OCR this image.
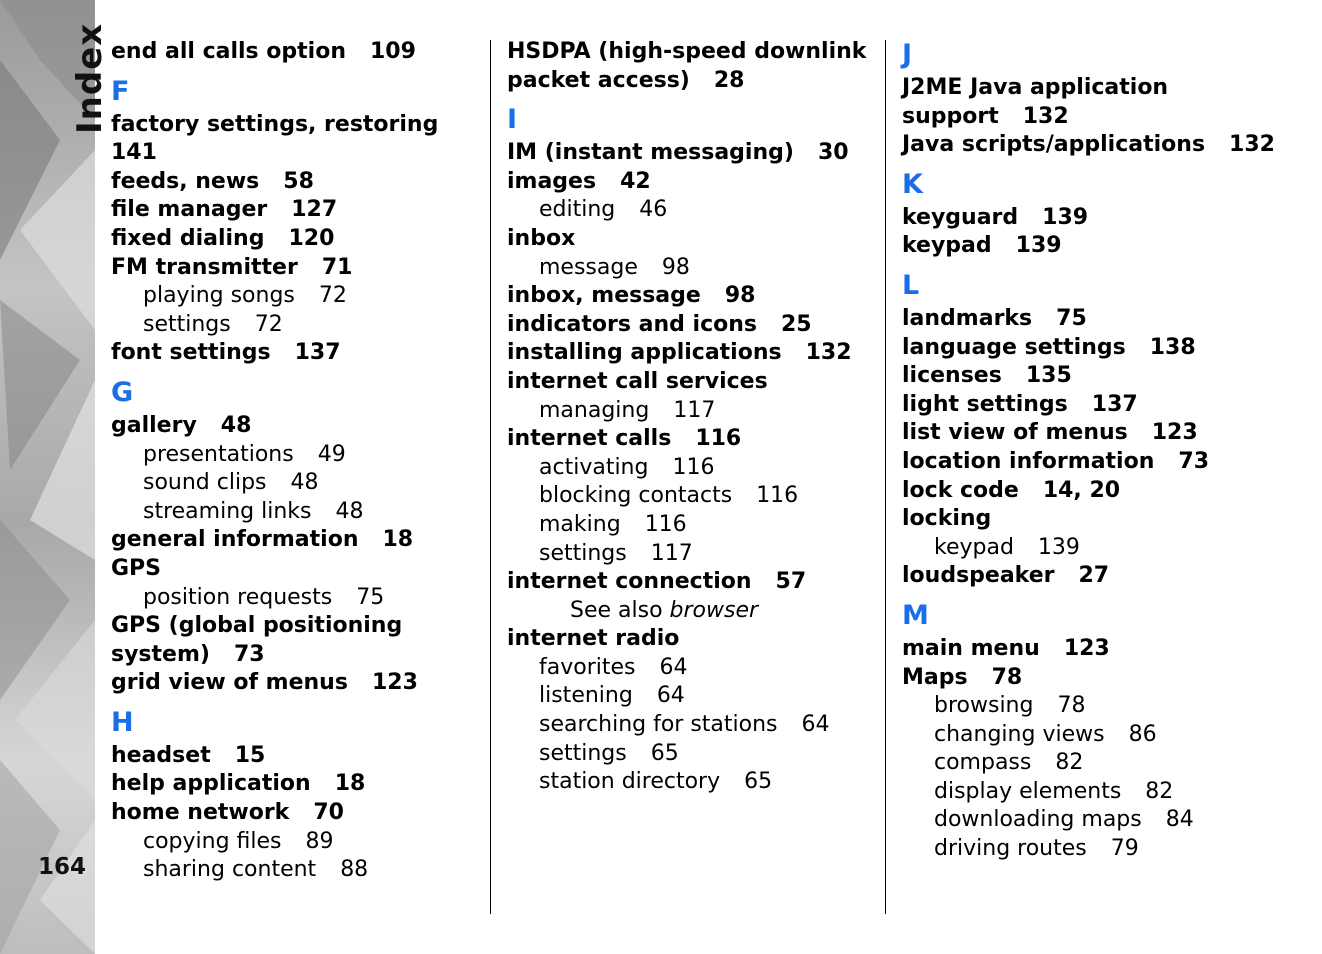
Index
164
end all calls option 109
F
factory settings, restoring141
feeds, news 58
file manager 127
fixed dialing 120
FM transmitter 71
playing songs 72
settings 72
font settings 137
G
gallery 48
presentations 49
sound clips 48
streaming links 48
general information 18
GPS
position requests 75
GPS (global positioning
system) 73
grid view of menus 123
H
headset 15
help application 18
home network 70
copying files 89
sharing content 88
HSDPA (high-speed downlink
packet access) 28
I
IM (instant messaging) 30
images 42
editing 46
inbox
message 98
inbox, message 98
indicators and icons 25
installing applications 132
internet call services
managing 117
internet calls 116
activating 116
blocking contacts 116
making 116
settings 117
internet connection 57
See also browser
internet radio
favorites 64
listening 64
searching for stations 64
settings 65
station directory 65
J
J2ME Java application
support 132
Java scripts/applications 132
K
keyguard 139
keypad 139
L
landmarks 75
language settings 138
licenses 135
light settings 137
list view of menus 123
location information 73
lock code 14, 20
locking
keypad 139
loudspeaker 27
M
main menu 123
Maps 78
browsing 78
changing views 86
compass 82
display elements 82
downloading maps 84
driving routes 79
